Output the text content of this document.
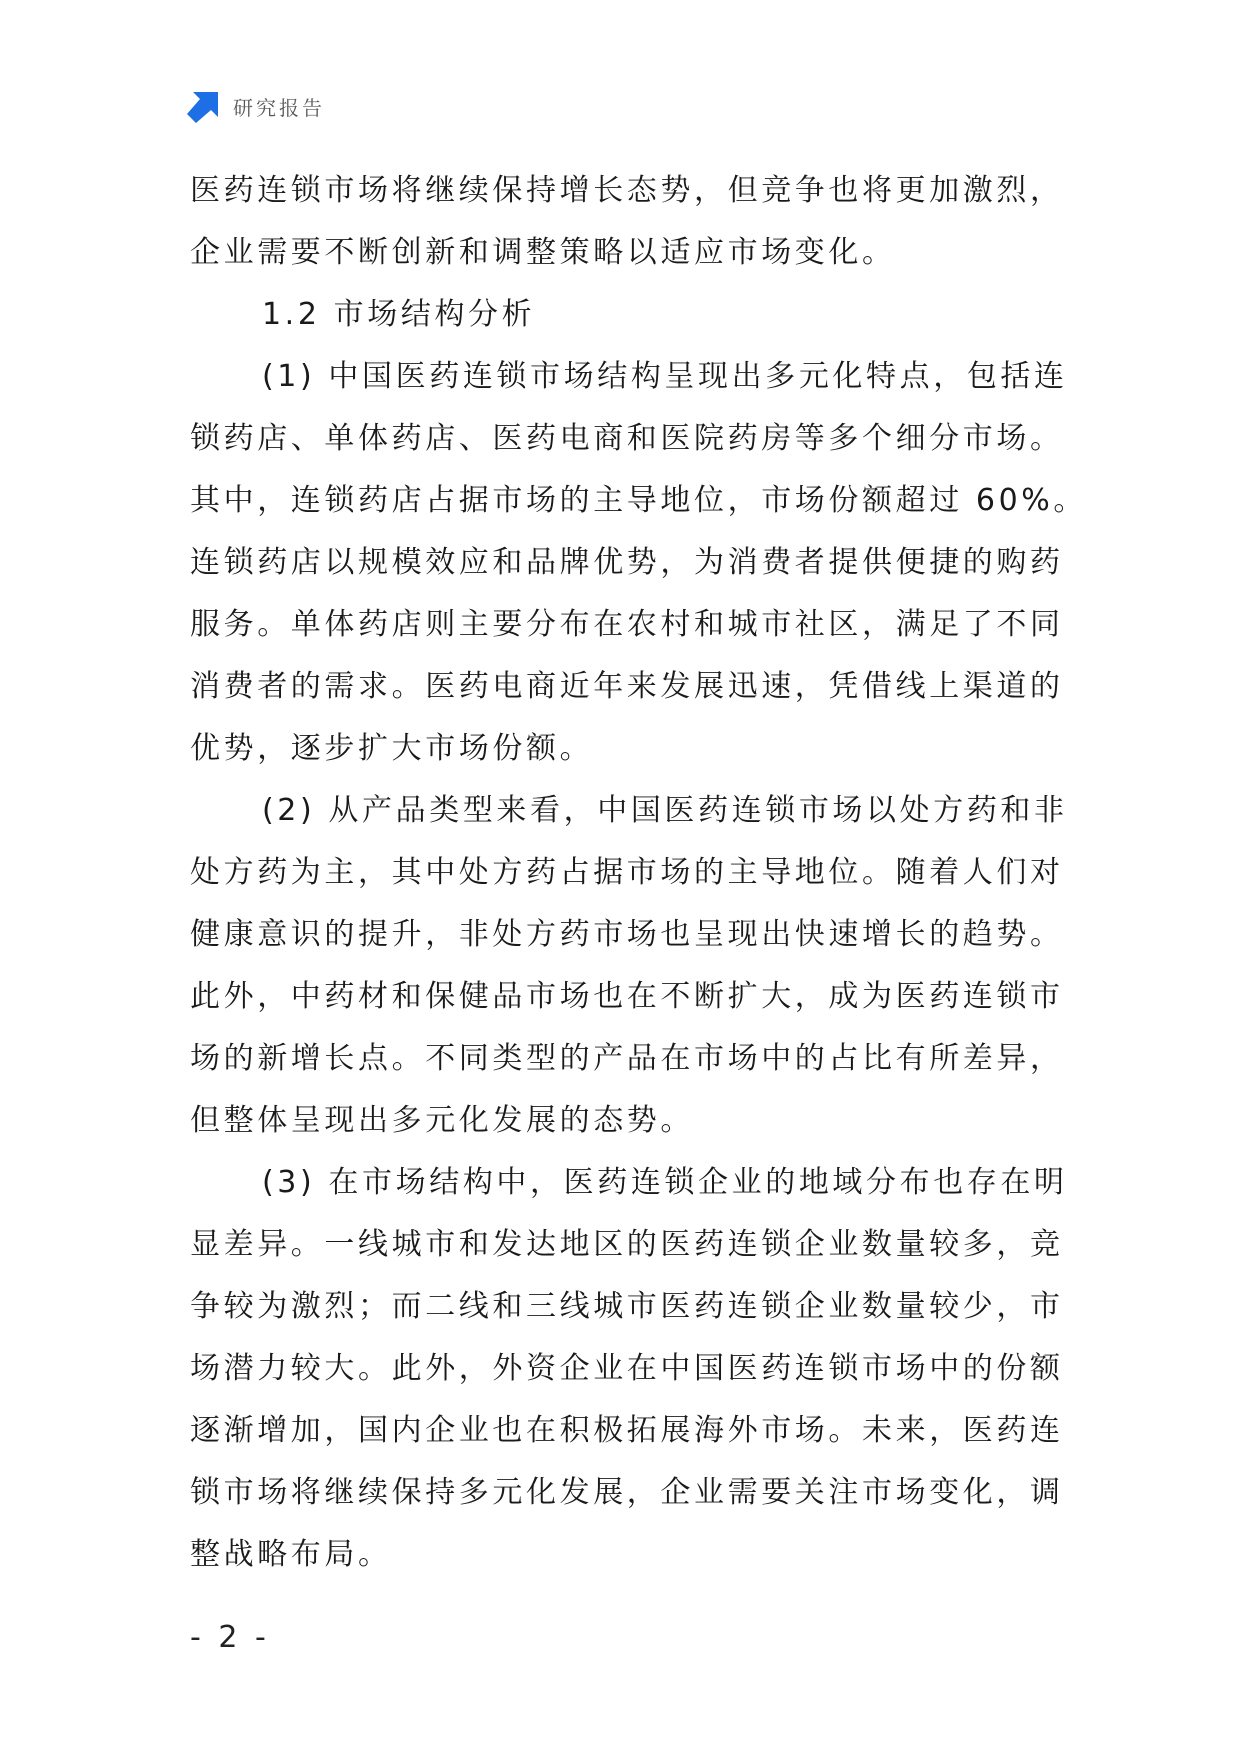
研究报告
医药连锁市场将继续保持增长态势，但竞争也将更加激烈，
企业需要不断创新和调整策略以适应市场变化。
1.2 市场结构分析
(1) 中国医药连锁市场结构呈现出多元化特点，包括连
锁药店、单体药店、医药电商和医院药房等多个细分市场。
其中，连锁药店占据市场的主导地位，市场份额超过 60%。
连锁药店以规模效应和品牌优势，为消费者提供便捷的购药
服务。单体药店则主要分布在农村和城市社区，满足了不同
消费者的需求。医药电商近年来发展迅速，凭借线上渠道的
优势，逐步扩大市场份额。
(2) 从产品类型来看，中国医药连锁市场以处方药和非
处方药为主，其中处方药占据市场的主导地位。随着人们对
健康意识的提升，非处方药市场也呈现出快速增长的趋势。
此外，中药材和保健品市场也在不断扩大，成为医药连锁市
场的新增长点。不同类型的产品在市场中的占比有所差异，
但整体呈现出多元化发展的态势。
(3) 在市场结构中，医药连锁企业的地域分布也存在明
显差异。一线城市和发达地区的医药连锁企业数量较多，竞
争较为激烈；而二线和三线城市医药连锁企业数量较少，市
场潜力较大。此外，外资企业在中国医药连锁市场中的份额
逐渐增加，国内企业也在积极拓展海外市场。未来，医药连
锁市场将继续保持多元化发展，企业需要关注市场变化，调
整战略布局。
- 2 -
